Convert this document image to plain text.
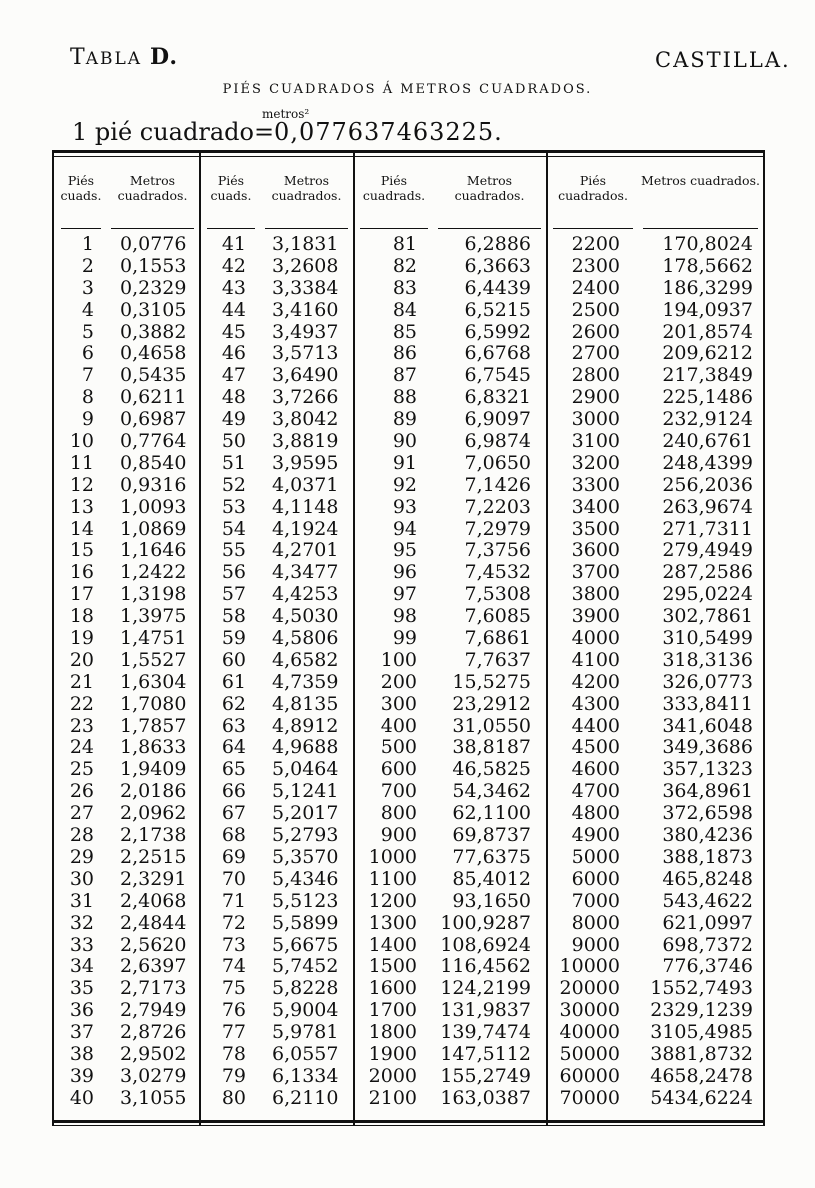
TABLA D.	CASTILLA.
PIÉS CUADRADOS Á METROS CUADRADOS.
metros²
1 pié cuadrado=0,077637463225.
Piés cuads.
1
2
3
4
5
6
7
8
9
10
11
12
13
14
15
16
17
18
19
20
21
22
23
24
25
26
27
28
29
30
31
32
33
34
35
36
37
38
39
40
Metros cuadrados.
0,0776
0,1553
0,2329
0,3105
0,3882
0,4658
0,5435
0,6211
0,6987
0,7764
0,8540
0,9316
1,0093
1,0869
1,1646
1,2422
1,3198
1,3975
1,4751
1,5527
1,6304
1,7080
1,7857
1,8633
1,9409
2,0186
2,0962
2,1738
2,2515
2,3291
2,4068
2,4844
2,5620
2,6397
2,7173
2,7949
2,8726
2,9502
3,0279
3,1055
Piés cuads.
41
42
43
44
45
46
47
48
49
50
51
52
53
54
55
56
57
58
59
60
61
62
63
64
65
66
67
68
69
70
71
72
73
74
75
76
77
78
79
80
Metros cuadrados.
3,1831
3,2608
3,3384
3,4160
3,4937
3,5713
3,6490
3,7266
3,8042
3,8819
3,9595
4,0371
4,1148
4,1924
4,2701
4,3477
4,4253
4,5030
4,5806
4,6582
4,7359
4,8135
4,8912
4,9688
5,0464
5,1241
5,2017
5,2793
5,3570
5,4346
5,5123
5,5899
5,6675
5,7452
5,8228
5,9004
5,9781
6,0557
6,1334
6,2110
Piés cuadrads.
81
82
83
84
85
86
87
88
89
90
91
92
93
94
95
96
97
98
99
100
200
300
400
500
600
700
800
900
1000
1100
1200
1300
1400
1500
1600
1700
1800
1900
2000
2100
Metros cuadrados.
6,2886
6,3663
6,4439
6,5215
6,5992
6,6768
6,7545
6,8321
6,9097
6,9874
7,0650
7,1426
7,2203
7,2979
7,3756
7,4532
7,5308
7,6085
7,6861
7,7637
15,5275
23,2912
31,0550
38,8187
46,5825
54,3462
62,1100
69,8737
77,6375
85,4012
93,1650
100,9287
108,6924
116,4562
124,2199
131,9837
139,7474
147,5112
155,2749
163,0387
Piés cuadrados.
2200
2300
2400
2500
2600
2700
2800
2900
3000
3100
3200
3300
3400
3500
3600
3700
3800
3900
4000
4100
4200
4300
4400
4500
4600
4700
4800
4900
5000
6000
7000
8000
9000
10000
20000
30000
40000
50000
60000
70000
Metros cuadrados.
170,8024
178,5662
186,3299
194,0937
201,8574
209,6212
217,3849
225,1486
232,9124
240,6761
248,4399
256,2036
263,9674
271,7311
279,4949
287,2586
295,0224
302,7861
310,5499
318,3136
326,0773
333,8411
341,6048
349,3686
357,1323
364,8961
372,6598
380,4236
388,1873
465,8248
543,4622
621,0997
698,7372
776,3746
1552,7493
2329,1239
3105,4985
3881,8732
4658,2478
5434,6224
